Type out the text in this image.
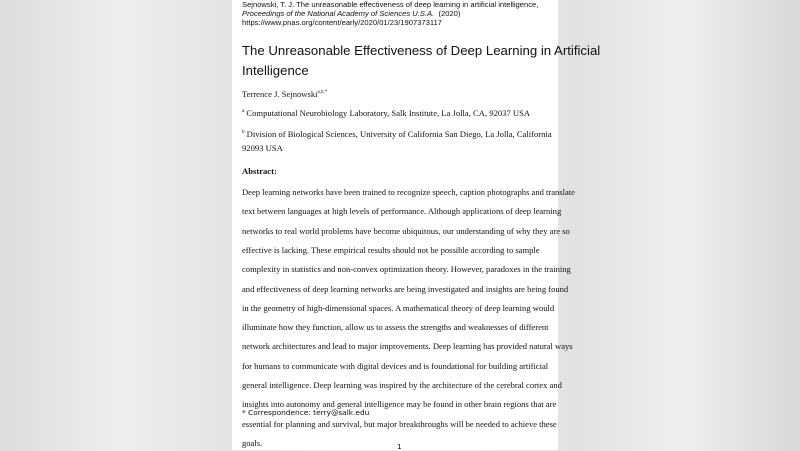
Sejnowski, T. J. The unreasonable effectiveness of deep learning in artificial intelligence,
Proceedings of the National Academy of Sciences U.S.A. (2020)
https://www.pnas.org/content/early/2020/01/23/1907373117
The Unreasonable Effectiveness of Deep Learning in Artificial
Intelligence
Terrence J. Sejnowski$^{a,b,*}$
$^a$ Computational Neurobiology Laboratory, Salk Institute, La Jolla, CA, 92037 USA
$^b$ Division of Biological Sciences, University of California San Diego, La Jolla, California
92093 USA
Abstract:
Deep learning networks have been trained to recognize speech, caption photographs and translate
text between languages at high levels of performance. Although applications of deep learning
networks to real world problems have become ubiquitous, our understanding of why they are so
effective is lacking. These empirical results should not be possible according to sample
complexity in statistics and non-convex optimization theory. However, paradoxes in the training
and effectiveness of deep learning networks are being investigated and insights are being found
in the geometry of high-dimensional spaces. A mathematical theory of deep learning would
illuminate how they function, allow us to assess the strengths and weaknesses of different
network architectures and lead to major improvements. Deep learning has provided natural ways
for humans to communicate with digital devices and is foundational for building artificial
general intelligence. Deep learning was inspired by the architecture of the cerebral cortex and
insights into autonomy and general intelligence may be found in other brain regions that are
essential for planning and survival, but major breakthroughs will be needed to achieve these
goals.
* Correspondence: terry@salk.edu
1
